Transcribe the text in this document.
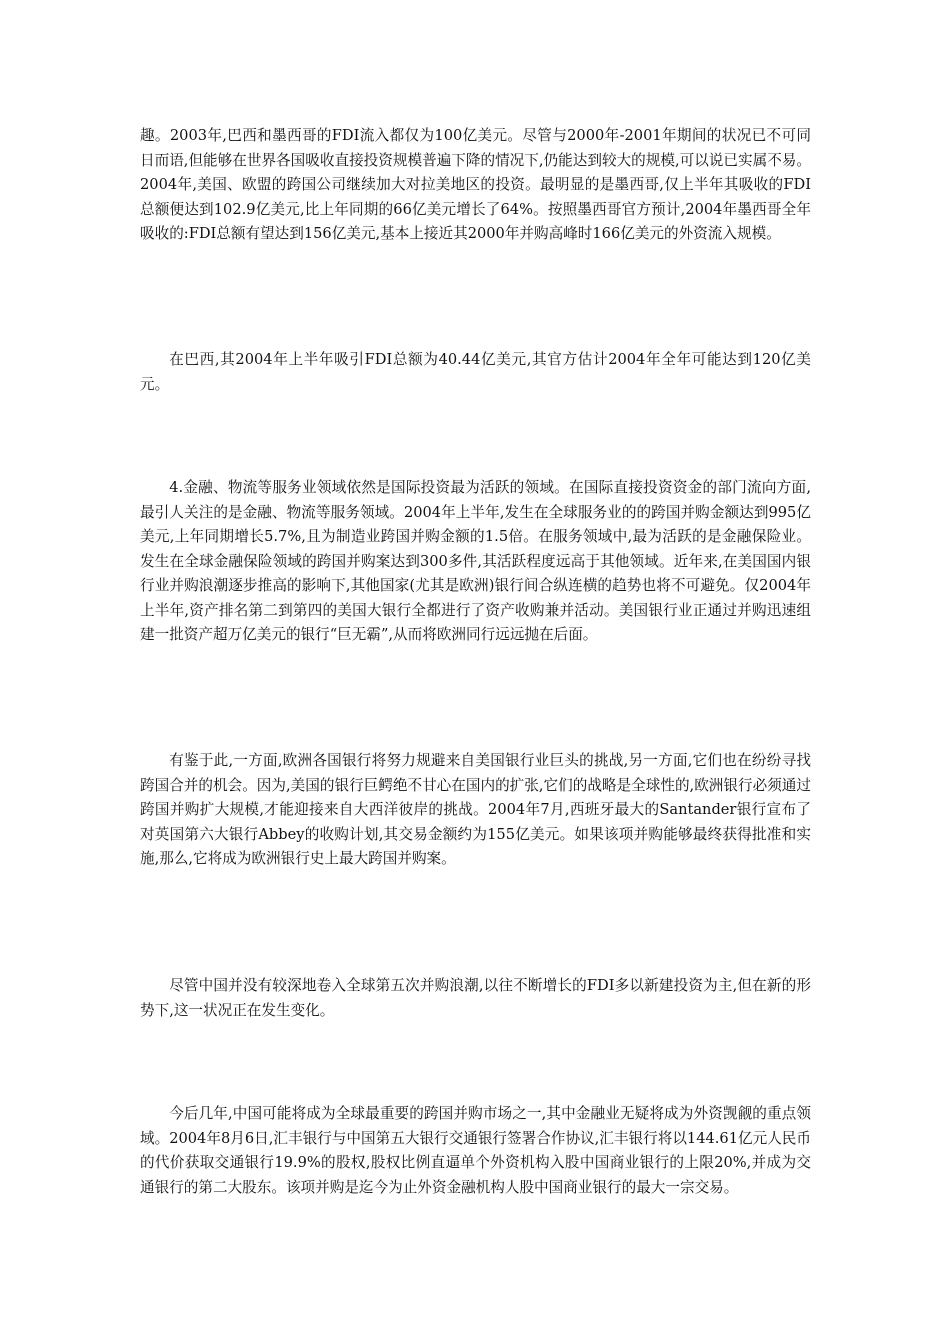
趣。2003年,巴西和墨西哥的FDI流入都仅为100亿美元。尽管与2000年-2001年期间的状况已不可同日而语,但能够在世界各国吸收直接投资规模普遍下降的情况下,仍能达到较大的规模,可以说已实属不易。2004年,美国、欧盟的跨国公司继续加大对拉美地区的投资。最明显的是墨西哥,仅上半年其吸收的FDI总额便达到102.9亿美元,比上年同期的66亿美元增长了64%。按照墨西哥官方预计,2004年墨西哥全年吸收的:FDI总额有望达到156亿美元,基本上接近其2000年并购高峰时166亿美元的外资流入规模。

在巴西,其2004年上半年吸引FDI总额为40.44亿美元,其官方估计2004年全年可能达到120亿美元。

4.金融、物流等服务业领域依然是国际投资最为活跃的领域。在国际直接投资资金的部门流向方面,最引人关注的是金融、物流等服务领域。2004年上半年,发生在全球服务业的的跨国并购金额达到995亿美元,上年同期增长5.7%,且为制造业跨国并购金额的1.5倍。在服务领域中,最为活跃的是金融保险业。发生在全球金融保险领域的跨国并购案达到300多件,其活跃程度远高于其他领域。近年来,在美国国内银行业并购浪潮逐步推高的影响下,其他国家(尤其是欧洲)银行间合纵连横的趋势也将不可避免。仅2004年上半年,资产排名第二到第四的美国大银行全都进行了资产收购兼并活动。美国银行业正通过并购迅速组建一批资产超万亿美元的银行“巨无霸”,从而将欧洲同行远远抛在后面。

有鉴于此,一方面,欧洲各国银行将努力规避来自美国银行业巨头的挑战,另一方面,它们也在纷纷寻找跨国合并的机会。因为,美国的银行巨鳄绝不甘心在国内的扩张,它们的战略是全球性的,欧洲银行必须通过跨国并购扩大规模,才能迎接来自大西洋彼岸的挑战。2004年7月,西班牙最大的Santander银行宣布了对英国第六大银行Abbey的收购计划,其交易金额约为155亿美元。如果该项并购能够最终获得批准和实施,那么,它将成为欧洲银行史上最大跨国并购案。

尽管中国并没有较深地卷入全球第五次并购浪潮,以往不断增长的FDI多以新建投资为主,但在新的形势下,这一状况正在发生变化。

今后几年,中国可能将成为全球最重要的跨国并购市场之一,其中金融业无疑将成为外资觊觎的重点领域。2004年8月6日,汇丰银行与中国第五大银行交通银行签署合作协议,汇丰银行将以144.61亿元人民币的代价获取交通银行19.9%的股权,股权比例直逼单个外资机构入股中国商业银行的上限20%,并成为交通银行的第二大股东。该项并购是迄今为止外资金融机构人股中国商业银行的最大一宗交易。
